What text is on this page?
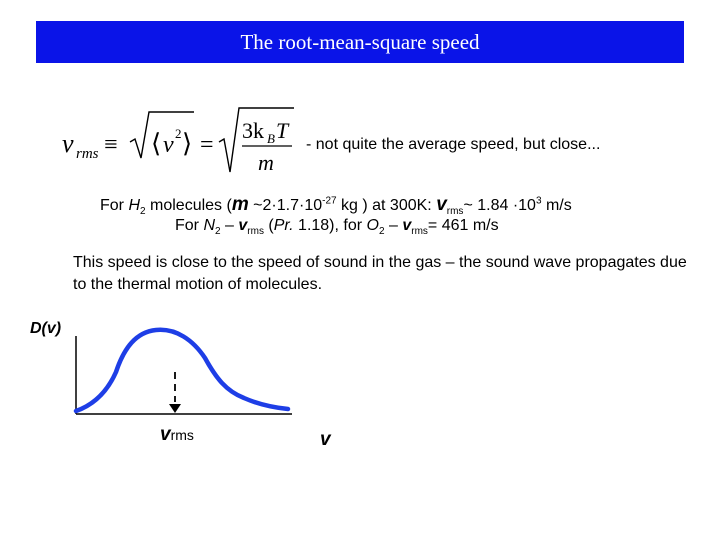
The root-mean-square speed
v rms ≡ ⟨ v 2 ⟩ =
3k B T
m
- not quite the average speed, but close...
For $H_2$ molecules (m $\sim 2\cdot 1.7\cdot 10^{-27}$ kg ) at 300K: $v_{rms}\sim$ $1.84 \cdot 10^3$ m/s
For $N_2 - v_{rms}$ (Pr. 1.18), for $O_2 - v_{rms}= 461$ m/s
This speed is close to the speed of sound in the gas – the sound wave propagates due to the thermal motion of molecules.
D(v)
vrms	v
